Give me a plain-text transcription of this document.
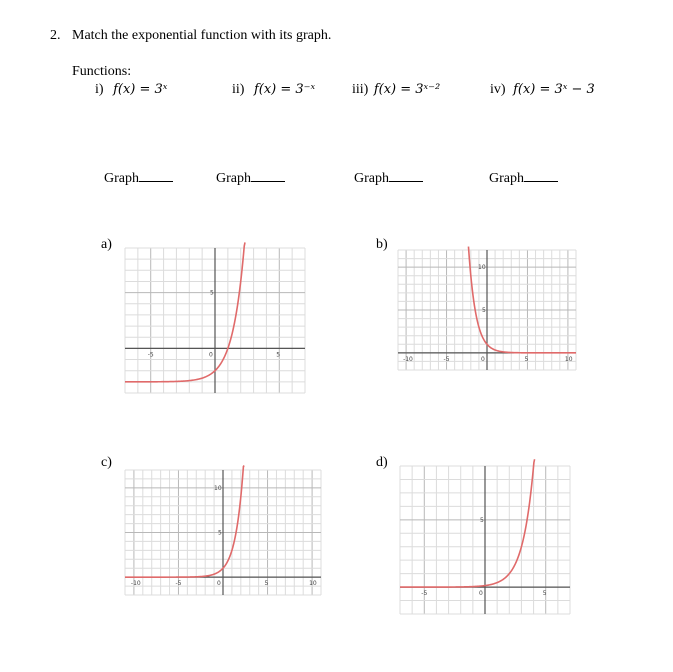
2. Match the exponential function with its graph.
Functions:
i) f(x) = 3ˣ	ii) f(x) = 3⁻ˣ	iii) f(x) = 3ˣ⁻²	iv) f(x) = 3ˣ − 3
Graph	Graph	Graph	Graph
a)	b)
c)	d)
-5	0	5
5
-10	-5	0	5	10
5
10
-10	-5	0	5	10
5
10
-5	0	5
5
